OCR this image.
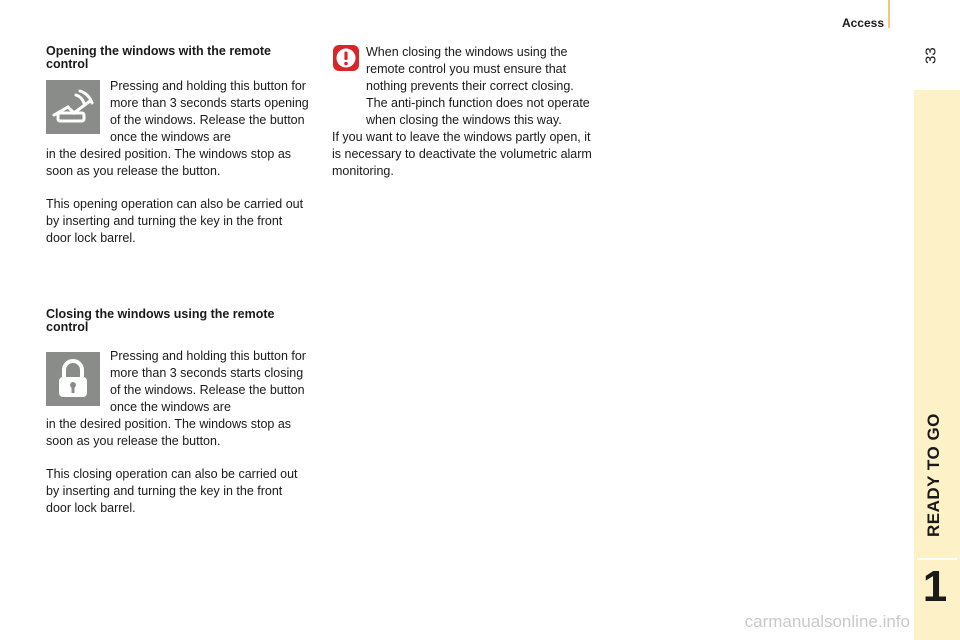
Access
33
READY TO GO
1
Opening the windows with the remote control
Pressing and holding this button for more than 3 seconds starts opening of the windows. Release the button once the windows are
in the desired position. The windows stop as soon as you release the button.
This opening operation can also be carried out by inserting and turning the key in the front door lock barrel.
Closing the windows using the remote control
Pressing and holding this button for more than 3 seconds starts closing of the windows. Release the button once the windows are
in the desired position. The windows stop as soon as you release the button.
This closing operation can also be carried out by inserting and turning the key in the front door lock barrel.
When closing the windows using the remote control you must ensure that nothing prevents their correct closing. The anti-pinch function does not operate when closing the windows this way.
If you want to leave the windows partly open, it is necessary to deactivate the volumetric alarm monitoring.
carmanualsonline.info
